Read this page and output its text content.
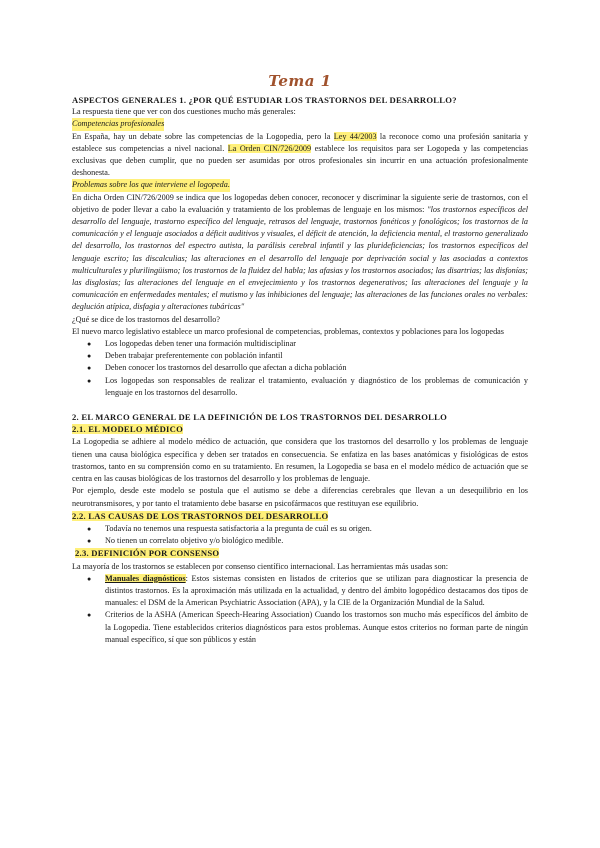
Tema 1
ASPECTOS GENERALES 1. ¿POR QUÉ ESTUDIAR LOS TRASTORNOS DEL DESARROLLO?

La respuesta tiene que ver con dos cuestiones mucho más generales:

Competencias profesionales

En España, hay un debate sobre las competencias de la Logopedia, pero la Ley 44/2003 la reconoce como una profesión sanitaria y establece sus competencias a nivel nacional. La Orden CIN/726/2009 establece los requisitos para ser Logopeda y las competencias exclusivas que deben cumplir, que no pueden ser asumidas por otros profesionales sin incurrir en una actuación profesionalmente deshonesta.

Problemas sobre los que interviene el logopeda.

En dicha Orden CIN/726/2009 se indica que los logopedas deben conocer, reconocer y discriminar la siguiente serie de trastornos, con el objetivo de poder llevar a cabo la evaluación y tratamiento de los problemas de lenguaje en los mismos: "los trastornos específicos del desarrollo del lenguaje, trastorno específico del lenguaje, retrasos del lenguaje, trastornos fonéticos y fonológicos; los trastornos de la comunicación y el lenguaje asociados a déficit auditivos y visuales, el déficit de atención, la deficiencia mental, el trastorno generalizado del desarrollo, los trastornos del espectro autista, la parálisis cerebral infantil y las plurideficiencias; los trastornos específicos del lenguaje escrito; las discalculias; las alteraciones en el desarrollo del lenguaje por deprivación social y las asociadas a contextos multiculturales y plurilingüismo; los trastornos de la fluidez del habla; las afasias y los trastornos asociados; las disartrias; las disfonías; las disglosias; las alteraciones del lenguaje en el envejecimiento y los trastornos degenerativos; las alteraciones del lenguaje y la comunicación en enfermedades mentales; el mutismo y las inhibiciones del lenguaje; las alteraciones de las funciones orales no verbales: deglución atípica, disfagia y alteraciones tubáricas"

¿Qué se dice de los trastornos del desarrollo?

El nuevo marco legislativo establece un marco profesional de competencias, problemas, contextos y poblaciones para los logopedas

● Los logopedas deben tener una formación multidisciplinar
● Deben trabajar preferentemente con población infantil
● Deben conocer los trastornos del desarrollo que afectan a dicha población
● Los logopedas son responsables de realizar el tratamiento, evaluación y diagnóstico de los problemas de comunicación y lenguaje en los trastornos del desarrollo.
2. EL MARCO GENERAL DE LA DEFINICIÓN DE LOS TRASTORNOS DEL DESARROLLO
2.1. EL MODELO MÉDICO

La Logopedia se adhiere al modelo médico de actuación, que considera que los trastornos del desarrollo y los problemas de lenguaje tienen una causa biológica específica y deben ser tratados en consecuencia. Se enfatiza en las bases anatómicas y fisiológicas de estos trastornos, tanto en su comprensión como en su tratamiento. En resumen, la Logopedia se basa en el modelo médico de actuación que se centra en las causas biológicas de los trastornos del desarrollo y los problemas de lenguaje.

Por ejemplo, desde este modelo se postula que el autismo se debe a diferencias cerebrales que llevan a un desequilibrio en los neurotransmisores, y por tanto el tratamiento debe basarse en psicofármacos que restituyan ese equilibrio.

2.2. LAS CAUSAS DE LOS TRASTORNOS DEL DESARROLLO
● Todavía no tenemos una respuesta satisfactoria a la pregunta de cuál es su origen.
● No tienen un correlato objetivo y/o biológico medible.
2.3. DEFINICIÓN POR CONSENSO

La mayoría de los trastornos se establecen por consenso científico internacional. Las herramientas más usadas son:

● Manuales diagnósticos: Estos sistemas consisten en listados de criterios que se utilizan para diagnosticar la presencia de distintos trastornos. Es la aproximación más utilizada en la actualidad, y dentro del ámbito logopédico destacamos dos tipos de manuales: el DSM de la American Psychiatric Association (APA), y la CIE de la Organización Mundial de la Salud.
● Criterios de la ASHA (American Speech-Hearing Association) Cuando los trastornos son mucho más específicos del ámbito de la Logopedia. Tiene establecidos criterios diagnósticos para estos problemas. Aunque estos criterios no forman parte de ningún manual específico, sí que son públicos y están
